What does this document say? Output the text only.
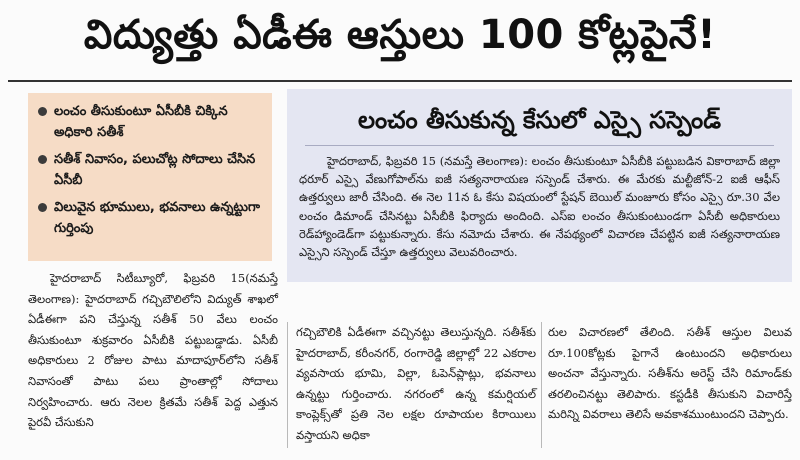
విద్యుత్తు ఏడీఈ ఆస్తులు 100 కోట్లపైనే!
లంచం తీసుకుంటూ ఏసీబీకి చిక్కిన అధికారి సతీశ్
సతీశ్ నివాసం, పలుచోట్ల సోదాలు చేసిన ఏసీబీ
విలువైన భూములు, భవనాలు ఉన్నట్టుగా గుర్తింపు
లంచం తీసుకున్న కేసులో ఎస్సై సస్పెండ్
హైదరాబాద్, ఫిబ్రవరి 15 (నమస్తే తెలంగాణ): లంచం తీసుకుంటూ ఏసీబీకి పట్టుబడిన వికారాబాద్ జిల్లా ధరూర్ ఎస్సై వేణుగోపాల్‌ను ఐజీ సత్యనారాయణ సస్పెండ్ చేశారు. ఈ మేరకు మల్టీజోన్-2 ఐజీ ఆఫీస్ ఉత్తర్వులు జారీ చేసింది. ఈ నెల 11న ఓ కేసు విషయంలో స్టేషన్ బెయిల్ మంజూరు కోసం ఎస్సై రూ.30 వేల లంచం డిమాండ్ చేసినట్టు ఏసీబీకి ఫిర్యాదు అందింది. ఎస్ఐ లంచం తీసుకుంటుండగా ఏసీబీ అధికారులు రెడ్‌హ్యాండెడ్‌గా పట్టుకున్నారు. కేసు నమోదు చేశారు. ఈ నేపథ్యంలో విచారణ చేపట్టిన ఐజీ సత్యనారాయణ ఎస్సైని సస్పెండ్ చేస్తూ ఉత్తర్వులు వెలువరించారు.
హైదరాబాద్ సిటీబ్యూరో, ఫిబ్రవరి 15(నమస్తే తెలంగాణ): హైదరాబాద్ గచ్చిబౌలిలోని విద్యుత్ శాఖలో ఏడీఈగా పని చేస్తున్న సతీశ్ 50 వేలు లంచం తీసుకుంటూ శుక్రవారం ఏసీబీకి పట్టుబడ్డాడు. ఏసీబీ అధికారులు 2 రోజుల పాటు మాదాపూర్‌లోని సతీశ్ నివాసంతో పాటు పలు ప్రాంతాల్లో సోదాలు నిర్వహించారు. ఆరు నెలల క్రితమే సతీశ్ పెద్ద ఎత్తున పైరవీ చేసుకుని
గచ్చిబౌలికి ఏడీఈగా వచ్చినట్టు తెలుస్తున్నది. సతీశ్‌కు హైదరాబాద్, కరీంనగర్, రంగారెడ్డి జిల్లాల్లో 22 ఎకరాల వ్యవసాయ భూమి, విల్లా, ఓపెన్‌ప్లాట్లు, భవనాలు ఉన్నట్టు గుర్తించారు. నగరంలో ఉన్న కమర్షియల్ కాంప్లెక్స్‌తో ప్రతి నెల లక్షల రూపాయల కిరాయిలు వస్తాయని అధికా
రుల విచారణలో తేలింది. సతీశ్ ఆస్తుల విలువ రూ.100కోట్లకు పైగానే ఉంటుందని అధికారులు అంచనా వేస్తున్నారు. సతీశ్‌ను అరెస్ట్ చేసి రిమాండ్‌కు తరలించినట్టు తెలిపారు. కస్టడీకి తీసుకుని విచారిస్తే మరిన్ని వివరాలు తెలిసే అవకాశముంటుందని చెప్పారు.
